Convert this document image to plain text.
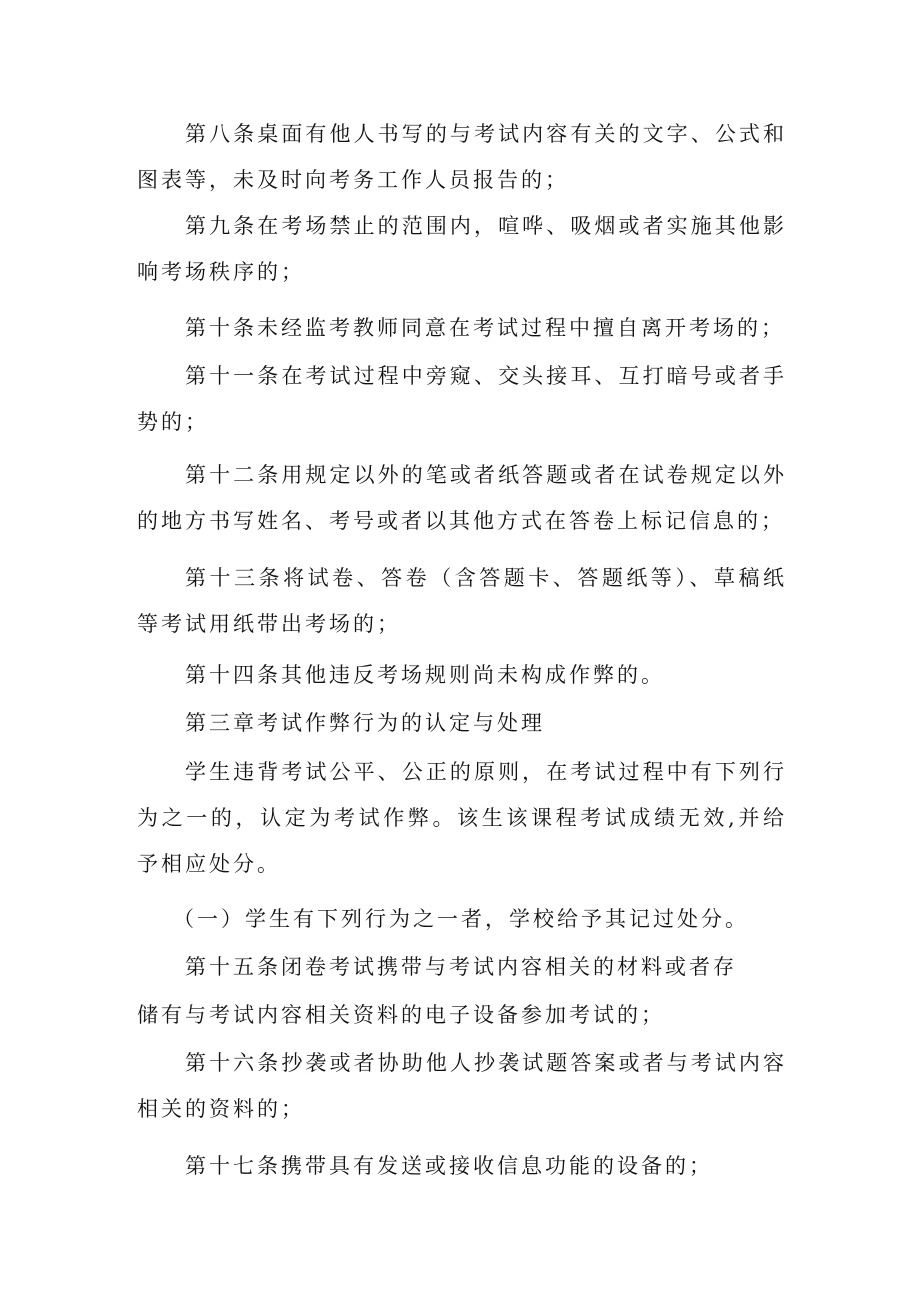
第八条桌面有他人书写的与考试内容有关的文字、公式和图表等，未及时向考务工作人员报告的；

第九条在考场禁止的范围内，喧哗、吸烟或者实施其他影响考场秩序的；

第十条未经监考教师同意在考试过程中擅自离开考场的；

第十一条在考试过程中旁窥、交头接耳、互打暗号或者手势的；

第十二条用规定以外的笔或者纸答题或者在试卷规定以外的地方书写姓名、考号或者以其他方式在答卷上标记信息的；

第十三条将试卷、答卷（含答题卡、答题纸等）、草稿纸等考试用纸带出考场的；

第十四条其他违反考场规则尚未构成作弊的。

第三章考试作弊行为的认定与处理

学生违背考试公平、公正的原则，在考试过程中有下列行为之一的，认定为考试作弊。该生该课程考试成绩无效,并给予相应处分。

（一）学生有下列行为之一者，学校给予其记过处分。

第十五条闭卷考试携带与考试内容相关的材料或者存

储有与考试内容相关资料的电子设备参加考试的；

第十六条抄袭或者协助他人抄袭试题答案或者与考试内容相关的资料的；

第十七条携带具有发送或接收信息功能的设备的；
